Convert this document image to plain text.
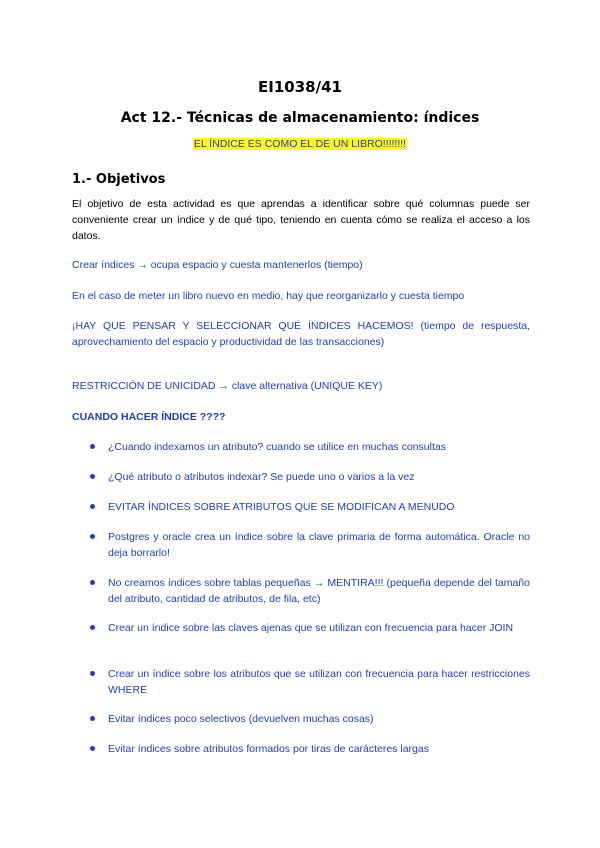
EI1038/41
Act 12.- Técnicas de almacenamiento: índices
EL ÍNDICE ES COMO EL DE UN LIBRO!!!!!!!!
1.- Objetivos

El objetivo de esta actividad es que aprendas a identificar sobre qué columnas puede ser conveniente crear un índice y de qué tipo, teniendo en cuenta cómo se realiza el acceso a los datos.

Crear índices → ocupa espacio y cuesta mantenerlos (tiempo)

En el caso de meter un libro nuevo en medio, hay que reorganizarlo y cuesta tiempo

¡HAY QUE PENSAR Y SELECCIONAR QUÉ ÍNDICES HACEMOS! (tiempo de respuesta, aprovechamiento del espacio y productividad de las transacciones)

RESTRICCIÓN DE UNICIDAD → clave alternativa (UNIQUE KEY)

CUANDO HACER ÍNDICE ????

¿Cuando indexamos un atributo? cuando se utilice en muchas consultas
¿Qué atributo o atributos indexar? Se puede uno o varios a la vez
EVITAR ÍNDICES SOBRE ATRIBUTOS QUE SE MODIFICAN A MENUDO
Postgres y oracle crea un índice sobre la clave primaria de forma automática. Oracle no deja borrarlo!
No creamos índices sobre tablas pequeñas → MENTIRA!!! (pequeña depende del tamaño del atributo, cantidad de atributos, de fila, etc)
Crear un índice sobre las claves ajenas que se utilizan con frecuencia para hacer JOIN
Crear un índice sobre los atributos que se utilizan con frecuencia para hacer restricciones WHERE
Evitar índices poco selectivos (devuelven muchas cosas)
Evitar índices sobre atributos formados por tiras de carácteres largas
